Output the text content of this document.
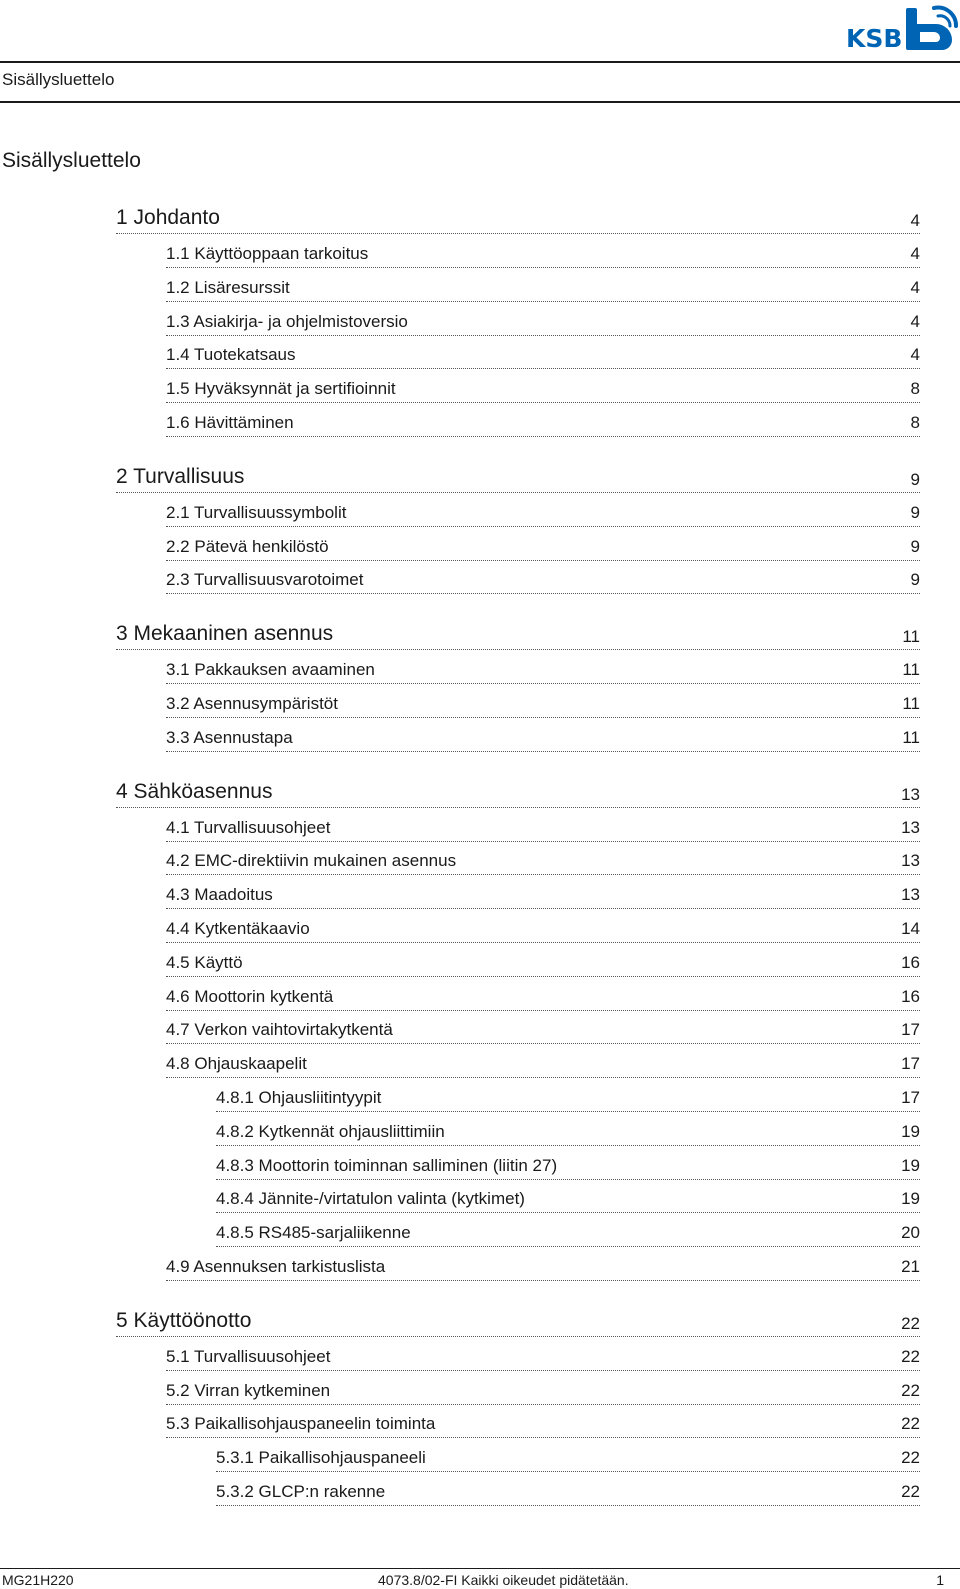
KSB
Sisällysluettelo
Sisällysluettelo
1 Johdanto	4
1.1 Käyttöoppaan tarkoitus	4
1.2 Lisäresurssit	4
1.3 Asiakirja- ja ohjelmistoversio	4
1.4 Tuotekatsaus	4
1.5 Hyväksynnät ja sertifioinnit	8
1.6 Hävittäminen	8
2 Turvallisuus	9
2.1 Turvallisuussymbolit	9
2.2 Pätevä henkilöstö	9
2.3 Turvallisuusvarotoimet	9
3 Mekaaninen asennus	11
3.1 Pakkauksen avaaminen	11
3.2 Asennusympäristöt	11
3.3 Asennustapa	11
4 Sähköasennus	13
4.1 Turvallisuusohjeet	13
4.2 EMC-direktiivin mukainen asennus	13
4.3 Maadoitus	13
4.4 Kytkentäkaavio	14
4.5 Käyttö	16
4.6 Moottorin kytkentä	16
4.7 Verkon vaihtovirtakytkentä	17
4.8 Ohjauskaapelit	17
4.8.1 Ohjausliitintyypit	17
4.8.2 Kytkennät ohjausliittimiin	19
4.8.3 Moottorin toiminnan salliminen (liitin 27)	19
4.8.4 Jännite-/virtatulon valinta (kytkimet)	19
4.8.5 RS485-sarjaliikenne	20
4.9 Asennuksen tarkistuslista	21
5 Käyttöönotto	22
5.1 Turvallisuusohjeet	22
5.2 Virran kytkeminen	22
5.3 Paikallisohjauspaneelin toiminta	22
5.3.1 Paikallisohjauspaneeli	22
5.3.2 GLCP:n rakenne	22
MG21H220	4073.8/02-FI Kaikki oikeudet pidätetään.	1
